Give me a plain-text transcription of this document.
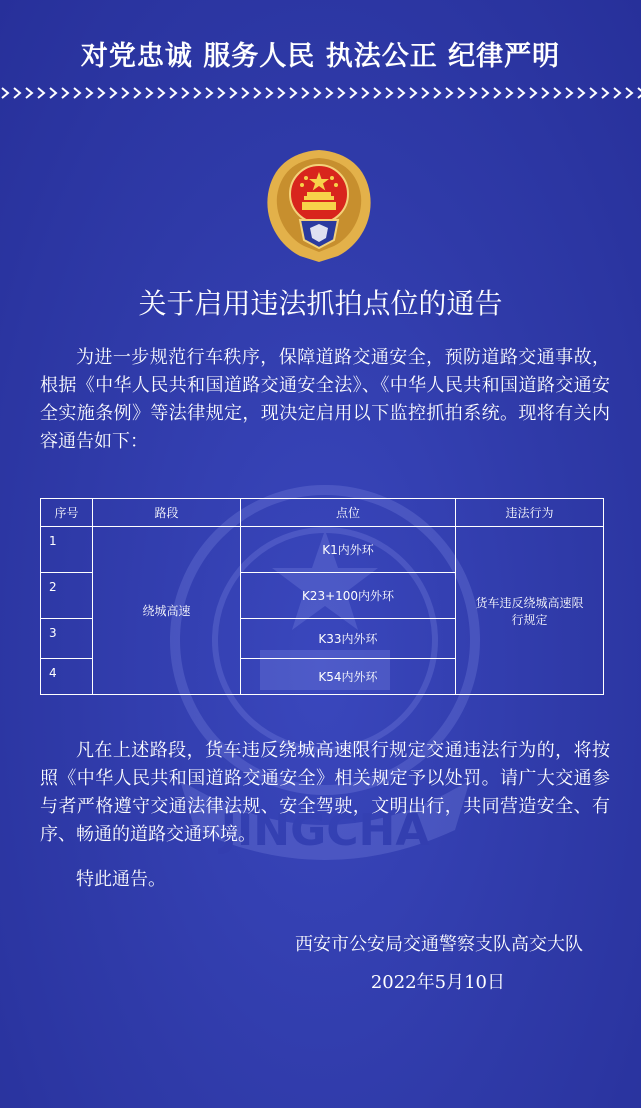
JINGCHA
对党忠诚 服务人民 执法公正 纪律严明
关于启用违法抓拍点位的通告
为进一步规范行车秩序，保障道路交通安全，预防道路交通事故，根据《中华人民共和国道路交通安全法》、《中华人民共和国道路交通安全实施条例》等法律规定，现决定启用以下监控抓拍系统。现将有关内容通告如下：
序号	路段	点位	违法行为
1	绕城高速	K1内外环	货车违反绕城高速限行规定
2		K23+100内外环	
3		K33内外环	
4		K54内外环	
凡在上述路段，货车违反绕城高速限行规定交通违法行为的，将按照《中华人民共和国道路交通安全》相关规定予以处罚。请广大交通参与者严格遵守交通法律法规、安全驾驶，文明出行，共同营造安全、有序、畅通的道路交通环境。
特此通告。
西安市公安局交通警察支队高交大队
2022年5月10日
